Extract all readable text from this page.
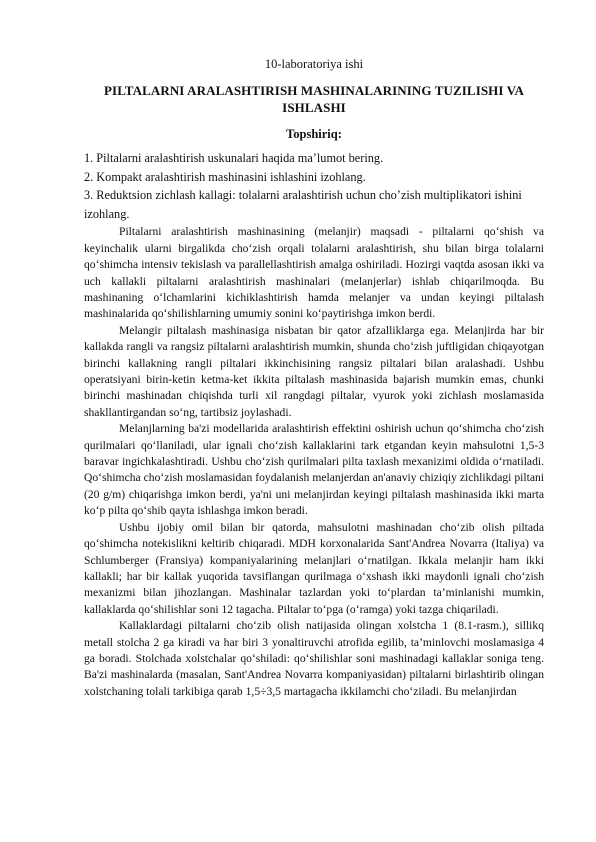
10-laboratoriya ishi

PILTALARNI ARALASHTIRISH MASHINALARINING TUZILISHI VA ISHLASHI

Topshiriq:

1. Piltalarni aralashtirish uskunalari haqida ma’lumot bering.
2. Kompakt aralashtirish mashinasini ishlashini izohlang.
3. Reduktsion zichlash kallagi: tolalarni aralashtirish uchun cho’zish multiplikatori ishini izohlang.

Piltalarni aralashtirish mashinasining (melanjir) maqsadi - piltalarni qo‘shish va keyinchalik ularni birgalikda cho‘zish orqali tolalarni aralashtirish, shu bilan birga tolalarni qo‘shimcha intensiv tekislash va parallellashtirish amalga oshiriladi. Hozirgi vaqtda asosan ikki va uch kallakli piltalarni aralashtirish mashinalari (melanjerlar) ishlab chiqarilmoqda. Bu mashinaning o‘lchamlarini kichiklashtirish hamda melanjer va undan keyingi piltalash mashinalarida qo‘shilishlarning umumiy sonini ko‘paytirishga imkon berdi.

Melangir piltalash mashinasiga nisbatan bir qator afzalliklarga ega. Melanjirda har bir kallakda rangli va rangsiz piltalarni aralashtirish mumkin, shunda cho‘zish juftligidan chiqayotgan birinchi kallakning rangli piltalari ikkinchisining rangsiz piltalari bilan aralashadi. Ushbu operatsiyani birin-ketin ketma-ket ikkita piltalash mashinasida bajarish mumkin emas, chunki birinchi mashinadan chiqishda turli xil rangdagi piltalar, vyurok yoki zichlash moslamasida shakllantirgandan so‘ng, tartibsiz joylashadi.

Melanjlarning ba'zi modellarida aralashtirish effektini oshirish uchun qo‘shimcha cho‘zish qurilmalari qo‘llaniladi, ular ignali cho‘zish kallaklarini tark etgandan keyin mahsulotni 1,5-3 baravar ingichkalashtiradi. Ushbu cho‘zish qurilmalari pilta taxlash mexanizimi oldida o‘rnatiladi. Qo‘shimcha cho‘zish moslamasidan foydalanish melanjerdan an'anaviy chiziqiy zichlikdagi piltani (20 g/m) chiqarishga imkon berdi, ya'ni uni melanjirdan keyingi piltalash mashinasida ikki marta ko‘p pilta qo‘shib qayta ishlashga imkon beradi.

Ushbu ijobiy omil bilan bir qatorda, mahsulotni mashinadan cho‘zib olish piltada qo‘shimcha notekislikni keltirib chiqaradi. MDH korxonalarida Sant'Andrea Novarra (Italiya) va Schlumberger (Fransiya) kompaniyalarining melanjlari o‘rnatilgan. Ikkala melanjir ham ikki kallakli; har bir kallak yuqorida tavsiflangan qurilmaga o‘xshash ikki maydonli ignali cho‘zish mexanizmi bilan jihozlangan. Mashinalar tazlardan yoki to‘plardan ta’minlanishi mumkin, kallaklarda qo‘shilishlar soni 12 tagacha. Piltalar to‘pga (o‘ramga) yoki tazga chiqariladi.

Kallaklardagi piltalarni cho‘zib olish natijasida olingan xolstcha 1 (8.1-rasm.), sillikq metall stolcha 2 ga kiradi va har biri 3 yonaltiruvchi atrofida egilib, ta’minlovchi moslamasiga 4 ga boradi. Stolchada xolstchalar qo‘shiladi: qo‘shilishlar soni mashinadagi kallaklar soniga teng. Ba'zi mashinalarda (masalan, Sant'Andrea Novarra kompaniyasidan) piltalarni birlashtirib olingan xolstchaning tolali tarkibiga qarab 1,5÷3,5 martagacha ikkilamchi cho‘ziladi. Bu melanjirdan
